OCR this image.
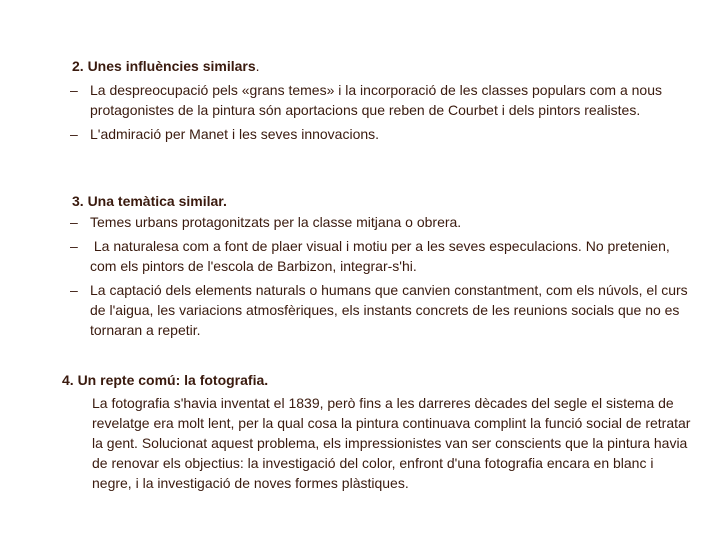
2. Unes influències similars.
– La despreocupació pels «grans temes» i la incorporació de les classes populars com a nous protagonistes de la pintura són aportacions que reben de Courbet i dels pintors realistes.
– L'admiració per Manet i les seves innovacions.
3. Una temàtica similar.
– Temes urbans protagonitzats per la classe mitjana o obrera.
– La naturalesa com a font de plaer visual i motiu per a les seves especulacions. No pretenien, com els pintors de l'escola de Barbizon, integrar-s'hi.
– La captació dels elements naturals o humans que canvien constantment, com els núvols, el curs de l'aigua, les variacions atmosfèriques, els instants concrets de les reunions socials que no es tornaran a repetir.
4. Un repte comú: la fotografia.
La fotografia s'havia inventat el 1839, però fins a les darreres dècades del segle el sistema de revelatge era molt lent, per la qual cosa la pintura continuava complint la funció social de retratar la gent. Solucionat aquest problema, els impressionistes van ser conscients que la pintura havia de renovar els objectius: la investigació del color, enfront d'una fotografia encara en blanc i negre, i la investigació de noves formes plàstiques.
